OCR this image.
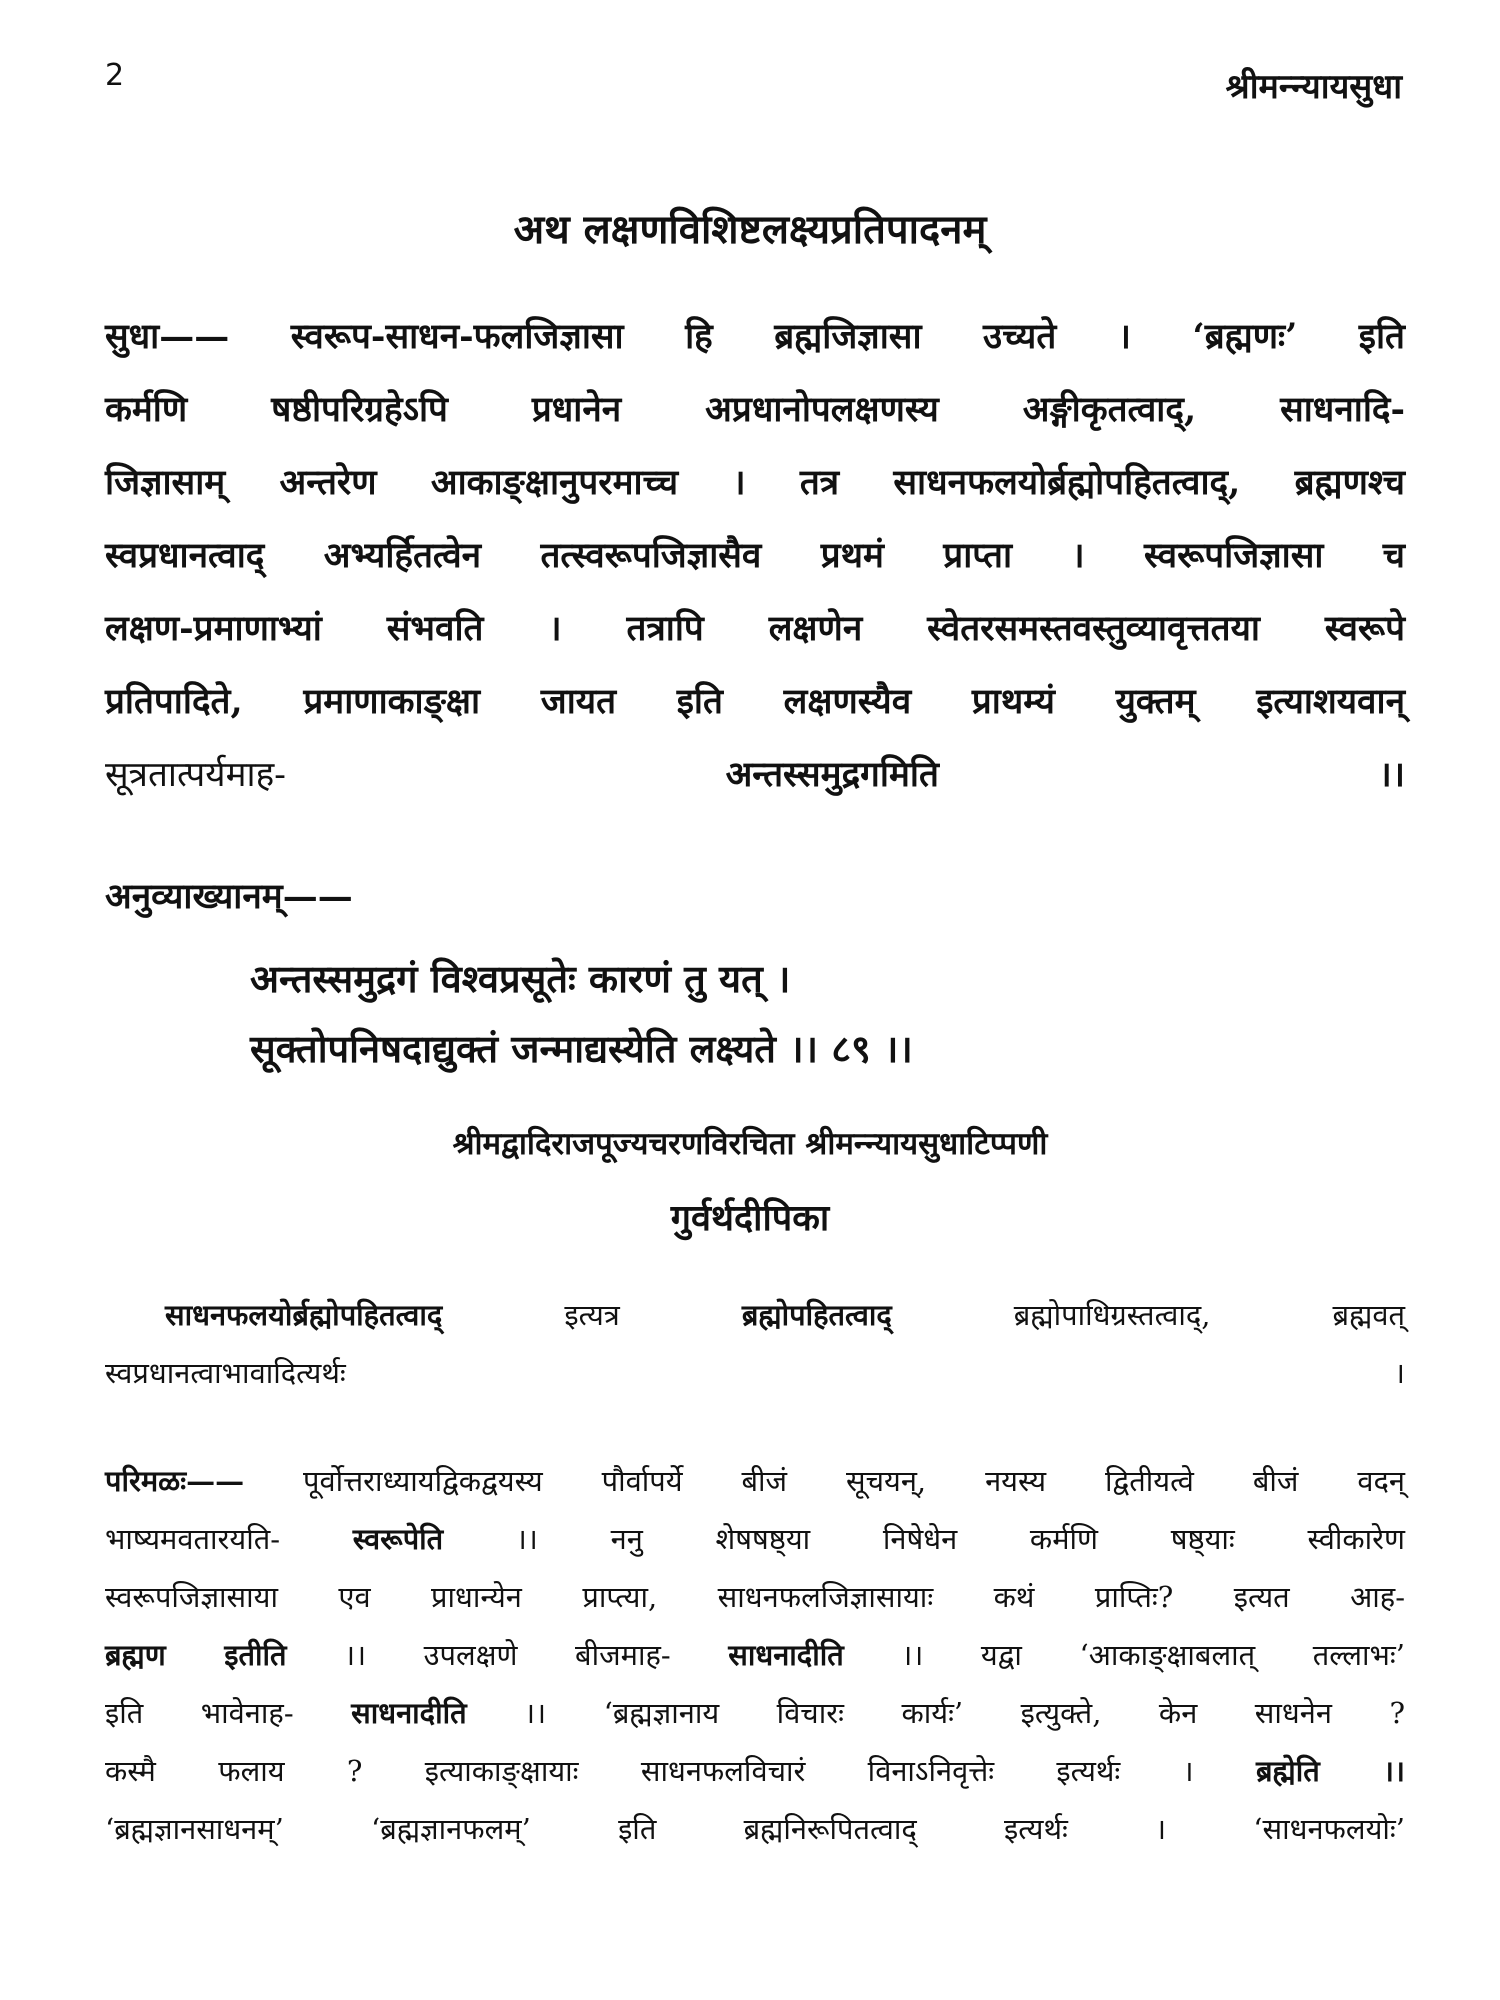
2	श्रीमन्न्यायसुधा
अथ लक्षणविशिष्टलक्ष्यप्रतिपादनम्
सुधा—— स्वरूप-साधन-फलजिज्ञासा हि ब्रह्मजिज्ञासा उच्यते । ‘ब्रह्मणः’ इति
कर्मणि षष्ठीपरिग्रहेऽपि प्रधानेन अप्रधानोपलक्षणस्य अङ्गीकृतत्वाद्, साधनादि-
जिज्ञासाम् अन्तरेण आकाङ्क्षानुपरमाच्च । तत्र साधनफलयोर्ब्रह्मोपहितत्वाद्, ब्रह्मणश्च
स्वप्रधानत्वाद् अभ्यर्हितत्वेन तत्स्वरूपजिज्ञासैव प्रथमं प्राप्ता । स्वरूपजिज्ञासा च
लक्षण-प्रमाणाभ्यां संभवति । तत्रापि लक्षणेन स्वेतरसमस्तवस्तुव्यावृत्ततया स्वरूपे
प्रतिपादिते, प्रमाणाकाङ्क्षा जायत इति लक्षणस्यैव प्राथम्यं युक्तम् इत्याशयवान्
सूत्रतात्पर्यमाह-	अन्तस्समुद्रगमिति ।।
अनुव्याख्यानम्——
अन्तस्समुद्रगं विश्वप्रसूतेः कारणं तु यत् ।
सूक्तोपनिषदाद्युक्तं जन्माद्यस्येति लक्ष्यते ।। ८९ ।।
श्रीमद्वादिराजपूज्यचरणविरचिता श्रीमन्न्यायसुधाटिप्पणी
गुर्वर्थदीपिका
साधनफलयोर्ब्रह्मोपहितत्वाद् इत्यत्र ब्रह्मोपहितत्वाद् ब्रह्मोपाधिग्रस्तत्वाद्, ब्रह्मवत्
स्वप्रधानत्वाभावादित्यर्थः ।
परिमळः—— पूर्वोत्तराध्यायद्विकद्वयस्य पौर्वापर्ये बीजं सूचयन्, नयस्य द्वितीयत्वे बीजं वदन्
भाष्यमवतारयति- स्वरूपेति ।। ननु शेषषष्ठ्या निषेधेन कर्मणि षष्ठ्याः स्वीकारेण
स्वरूपजिज्ञासाया एव प्राधान्येन प्राप्त्या, साधनफलजिज्ञासायाः कथं प्राप्तिः? इत्यत आह-
ब्रह्मण इतीति ।। उपलक्षणे बीजमाह- साधनादीति ।। यद्वा ‘आकाङ्क्षाबलात् तल्लाभः’
इति भावेनाह- साधनादीति ।। ‘ब्रह्मज्ञानाय विचारः कार्यः’ इत्युक्ते, केन साधनेन ?
कस्मै फलाय ? इत्याकाङ्क्षायाः साधनफलविचारं विनाऽनिवृत्तेः इत्यर्थः । ब्रह्मेति ।।
‘ब्रह्मज्ञानसाधनम्’ ‘ब्रह्मज्ञानफलम्’ इति ब्रह्मनिरूपितत्वाद् इत्यर्थः । ‘साधनफलयोः’
